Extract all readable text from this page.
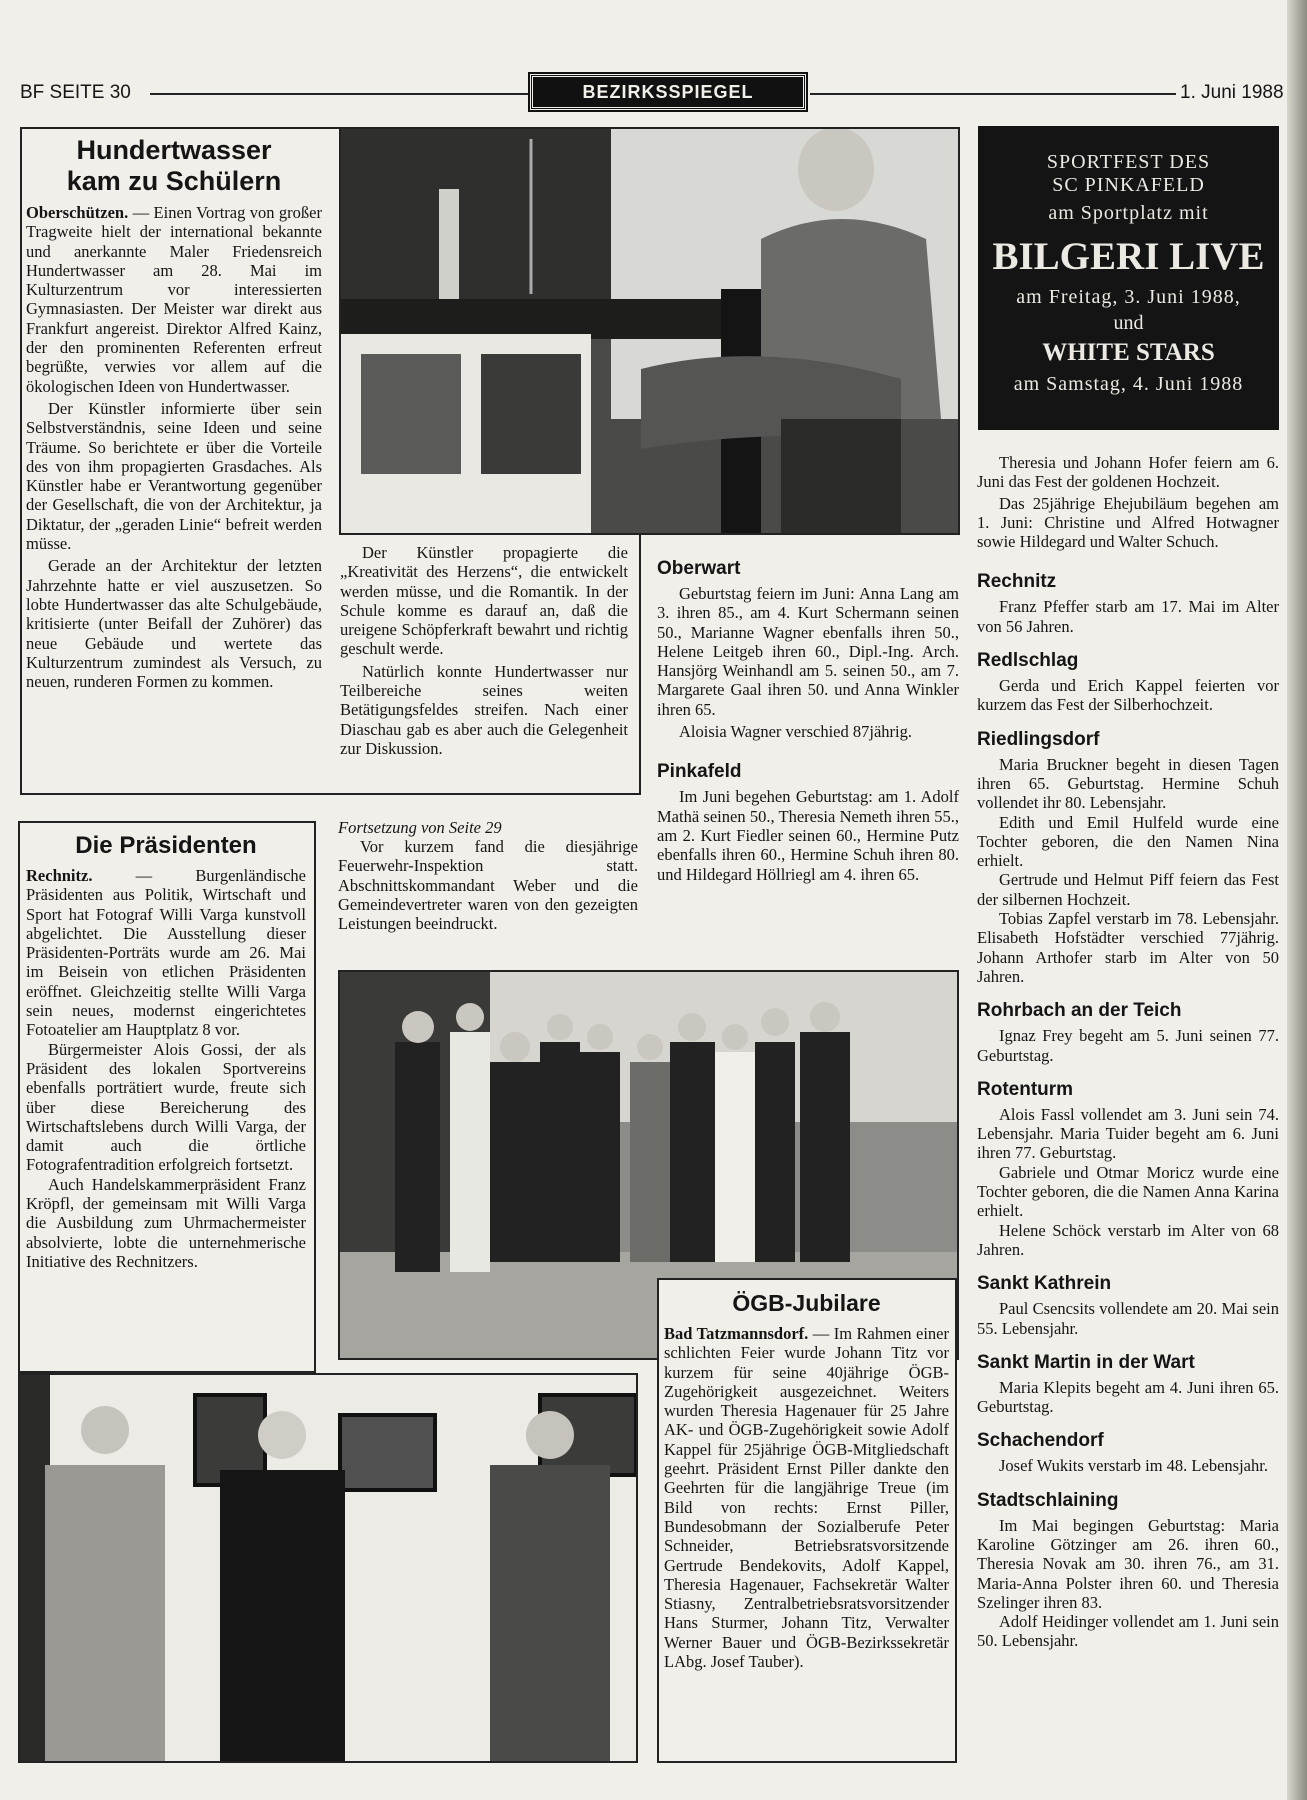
BF SEITE 30	BEZIRKSSPIEGEL	1. Juni 1988
Hundertwasser
kam zu Schülern

Oberschützen. — Einen Vortrag von großer Tragweite hielt der international bekannte und anerkannte Maler Friedensreich Hundertwasser am 28. Mai im Kulturzentrum vor interessierten Gymnasiasten. Der Meister war direkt aus Frankfurt angereist. Direktor Alfred Kainz, der den prominenten Referenten erfreut begrüßte, verwies vor allem auf die ökologischen Ideen von Hundertwasser.

Der Künstler informierte über sein Selbstverständnis, seine Ideen und seine Träume. So berichtete er über die Vorteile des von ihm propagierten Grasdaches. Als Künstler habe er Verantwortung gegenüber der Gesellschaft, die von der Architektur, ja Diktatur, der „geraden Linie“ befreit werden müsse.

Gerade an der Architektur der letzten Jahrzehnte hatte er viel auszusetzen. So lobte Hundertwasser das alte Schulgebäude, kritisierte (unter Beifall der Zuhörer) das neue Gebäude und wertete das Kulturzentrum zumindest als Versuch, zu neuen, runderen Formen zu kommen.

Der Künstler propagierte die „Kreativität des Herzens“, die entwickelt werden müsse, und die Romantik. In der Schule komme es darauf an, daß die ureigene Schöpferkraft bewahrt und richtig geschult werde.

Natürlich konnte Hundertwasser nur Teilbereiche seines weiten Betätigungsfeldes streifen. Nach einer Diaschau gab es aber auch die Gelegenheit zur Diskussion.

Oberwart

Geburtstag feiern im Juni: Anna Lang am 3. ihren 85., am 4. Kurt Schermann seinen 50., Marianne Wagner ebenfalls ihren 50., Helene Leitgeb ihren 60., Dipl.-Ing. Arch. Hansjörg Weinhandl am 5. seinen 50., am 7. Margarete Gaal ihren 50. und Anna Winkler ihren 65.

Aloisia Wagner verschied 87jährig.

Pinkafeld

Im Juni begehen Geburtstag: am 1. Adolf Mathä seinen 50., Theresia Nemeth ihren 55., am 2. Kurt Fiedler seinen 60., Hermine Putz ebenfalls ihren 60., Hermine Schuh ihren 80. und Hildegard Höllriegl am 4. ihren 65.

SPORTFEST DES
SC PINKAFELD
am Sportplatz mit
BILGERI LIVE
am Freitag, 3. Juni 1988,
und
WHITE STARS
am Samstag, 4. Juni 1988

Theresia und Johann Hofer feiern am 6. Juni das Fest der goldenen Hochzeit.

Das 25jährige Ehejubiläum begehen am 1. Juni: Christine und Alfred Hotwagner sowie Hildegard und Walter Schuch.

Rechnitz

Franz Pfeffer starb am 17. Mai im Alter von 56 Jahren.

Redlschlag

Gerda und Erich Kappel feierten vor kurzem das Fest der Silberhochzeit.

Riedlingsdorf

Maria Bruckner begeht in diesen Tagen ihren 65. Geburtstag. Hermine Schuh vollendet ihr 80. Lebensjahr.

Edith und Emil Hulfeld wurde eine Tochter geboren, die den Namen Nina erhielt.

Gertrude und Helmut Piff feiern das Fest der silbernen Hochzeit.

Tobias Zapfel verstarb im 78. Lebensjahr. Elisabeth Hofstädter verschied 77jährig. Johann Arthofer starb im Alter von 50 Jahren.

Rohrbach an der Teich

Ignaz Frey begeht am 5. Juni seinen 77. Geburtstag.

Rotenturm

Alois Fassl vollendet am 3. Juni sein 74. Lebensjahr. Maria Tuider begeht am 6. Juni ihren 77. Geburtstag.

Gabriele und Otmar Moricz wurde eine Tochter geboren, die die Namen Anna Karina erhielt.

Helene Schöck verstarb im Alter von 68 Jahren.

Sankt Kathrein

Paul Csencsits vollendete am 20. Mai sein 55. Lebensjahr.

Sankt Martin in der Wart

Maria Klepits begeht am 4. Juni ihren 65. Geburtstag.

Schachendorf

Josef Wukits verstarb im 48. Lebensjahr.

Stadtschlaining

Im Mai begingen Geburtstag: Maria Karoline Götzinger am 26. ihren 60., Theresia Novak am 30. ihren 76., am 31. Maria-Anna Polster ihren 60. und Theresia Szelinger ihren 83.

Adolf Heidinger vollendet am 1. Juni sein 50. Lebensjahr.

Die Präsidenten

Rechnitz. — Burgenländische Präsidenten aus Politik, Wirtschaft und Sport hat Fotograf Willi Varga kunstvoll abgelichtet. Die Ausstellung dieser Präsidenten-Porträts wurde am 26. Mai im Beisein von etlichen Präsidenten eröffnet. Gleichzeitig stellte Willi Varga sein neues, modernst eingerichtetes Fotoatelier am Hauptplatz 8 vor.

Bürgermeister Alois Gossi, der als Präsident des lokalen Sportvereins ebenfalls porträtiert wurde, freute sich über diese Bereicherung des Wirtschaftslebens durch Willi Varga, der damit auch die örtliche Fotografentradition erfolgreich fortsetzt.

Auch Handelskammerpräsident Franz Kröpfl, der gemeinsam mit Willi Varga die Ausbildung zum Uhrmachermeister absolvierte, lobte die unternehmerische Initiative des Rechnitzers.

Fortsetzung von Seite 29

Vor kurzem fand die diesjährige Feuerwehr-Inspektion statt. Abschnittskommandant Weber und die Gemeindevertreter waren von den gezeigten Leistungen beeindruckt.

ÖGB-Jubilare

Bad Tatzmannsdorf. — Im Rahmen einer schlichten Feier wurde Johann Titz vor kurzem für seine 40jährige ÖGB-Zugehörigkeit ausgezeichnet. Weiters wurden Theresia Hagenauer für 25 Jahre AK- und ÖGB-Zugehörigkeit sowie Adolf Kappel für 25jährige ÖGB-Mitgliedschaft geehrt. Präsident Ernst Piller dankte den Geehrten für die langjährige Treue (im Bild von rechts: Ernst Piller, Bundesobmann der Sozialberufe Peter Schneider, Betriebsratsvorsitzende Gertrude Bendekovits, Adolf Kappel, Theresia Hagenauer, Fachsekretär Walter Stiasny, Zentralbetriebsratsvorsitzender Hans Sturmer, Johann Titz, Verwalter Werner Bauer und ÖGB-Bezirkssekretär LAbg. Josef Tauber).
